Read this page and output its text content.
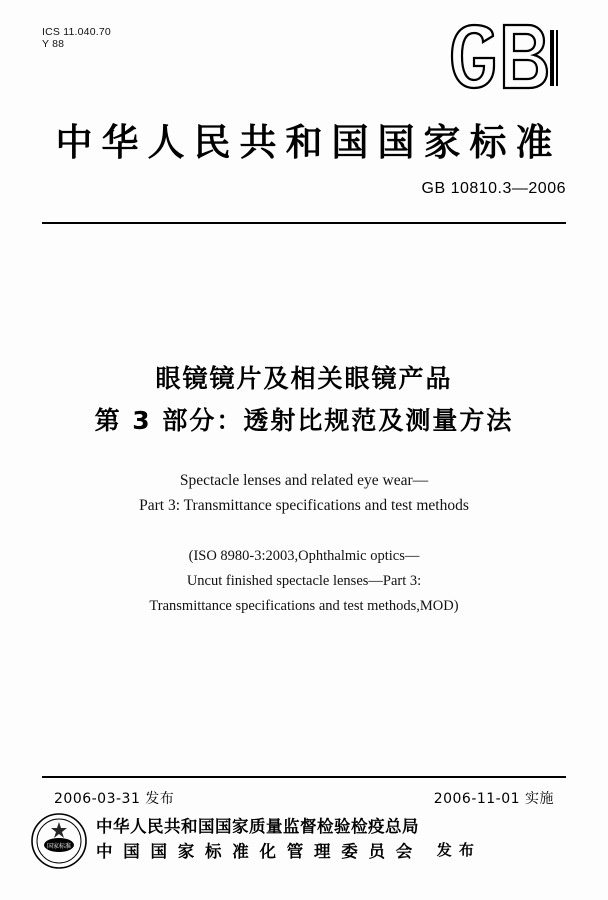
ICS 11.040.70
Y 88
中华人民共和国国家标准
GB 10810.3—2006
眼镜镜片及相关眼镜产品
第 3 部分：透射比规范及测量方法
Spectacle lenses and related eye wear—
Part 3: Transmittance specifications and test methods
(ISO 8980-3:2003,Ophthalmic optics—
Uncut finished spectacle lenses—Part 3:
Transmittance specifications and test methods,MOD)
2006-03-31 发布	2006-11-01 实施
国家标准
中华人民共和国国家质量监督检验检疫总局
中 国 国 家 标 准 化 管 理 委 员 会 发 布
